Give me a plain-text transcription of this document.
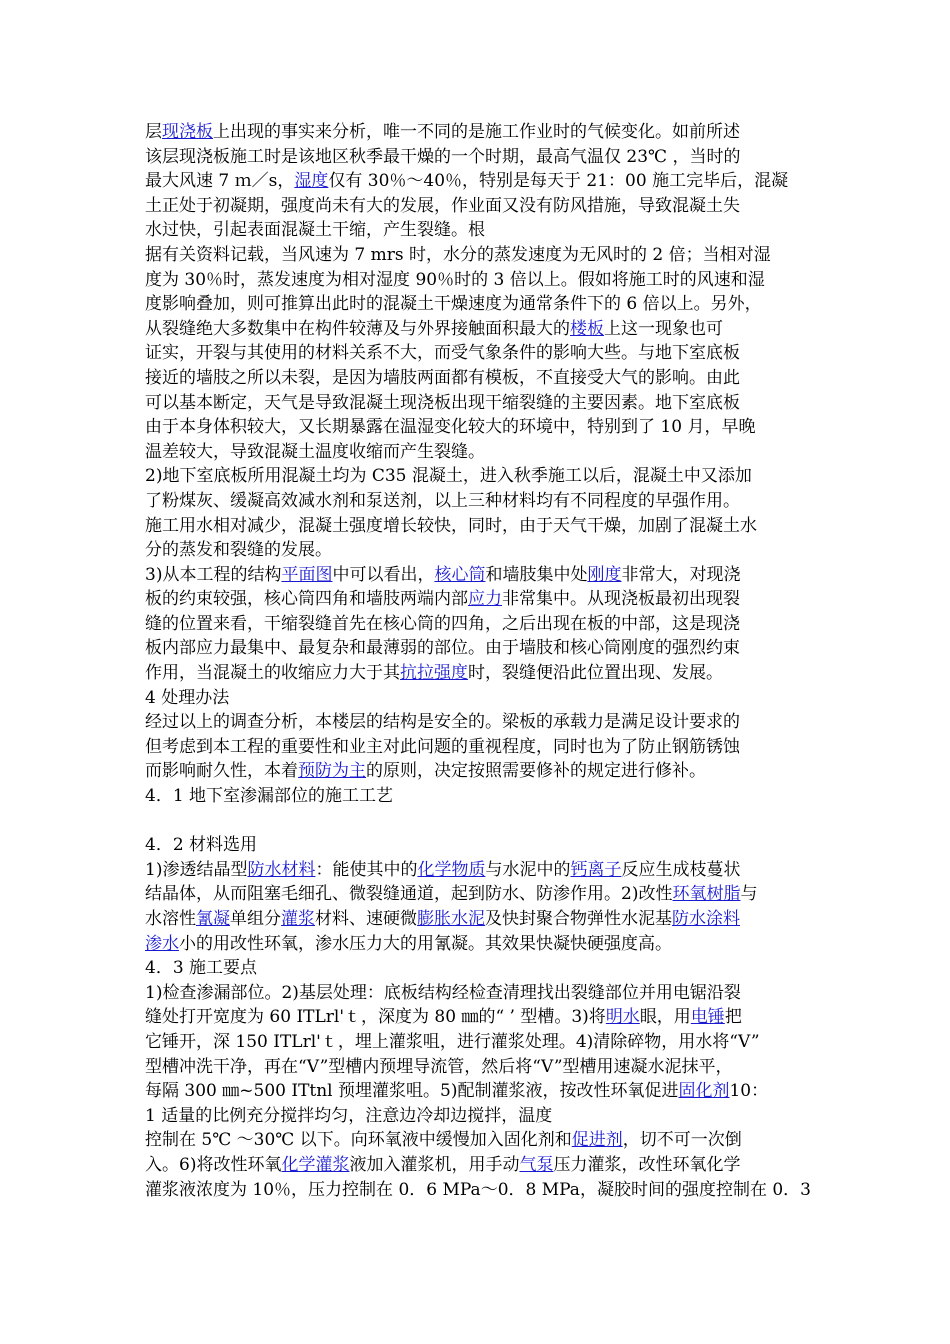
层现浇板上出现的事实来分析，唯一不同的是施工作业时的气候变化。如前所述
该层现浇板施工时是该地区秋季最干燥的一个时期，最高气温仅 23℃ ，当时的
最大风速 7 ｍ／s，湿度仅有 30％～40％，特别是每天于 21：00 施工完毕后，混凝
土正处于初凝期，强度尚未有大的发展，作业面又没有防风措施，导致混凝土失
水过快，引起表面混凝土干缩，产生裂缝。根
据有关资料记载，当风速为 7 mrs 时，水分的蒸发速度为无风时的 2 倍；当相对湿
度为 30％时，蒸发速度为相对湿度 90％时的 3 倍以上。假如将施工时的风速和湿
度影响叠加，则可推算出此时的混凝土干燥速度为通常条件下的 6 倍以上。另外，
从裂缝绝大多数集中在构件较薄及与外界接触面积最大的楼板上这一现象也可
证实，开裂与其使用的材料关系不大，而受气象条件的影响大些。与地下室底板
接近的墙肢之所以未裂，是因为墙肢两面都有模板，不直接受大气的影响。由此
可以基本断定，天气是导致混凝土现浇板出现干缩裂缝的主要因素。地下室底板
由于本身体积较大，又长期暴露在温湿变化较大的环境中，特别到了 10 月，早晚
温差较大，导致混凝土温度收缩而产生裂缝。
2)地下室底板所用混凝土均为 C35 混凝土，进入秋季施工以后，混凝土中又添加
了粉煤灰、缓凝高效减水剂和泵送剂，以上三种材料均有不同程度的早强作用。
施工用水相对减少，混凝土强度增长较快，同时，由于天气干燥，加剧了混凝土水
分的蒸发和裂缝的发展。
3)从本工程的结构平面图中可以看出，核心筒和墙肢集中处刚度非常大，对现浇
板的约束较强，核心筒四角和墙肢两端内部应力非常集中。从现浇板最初出现裂
缝的位置来看，干缩裂缝首先在核心筒的四角，之后出现在板的中部，这是现浇
板内部应力最集中、最复杂和最薄弱的部位。由于墙肢和核心筒刚度的强烈约束
作用，当混凝土的收缩应力大于其抗拉强度时，裂缝便沿此位置出现、发展。
4 处理办法
经过以上的调查分析，本楼层的结构是安全的。梁板的承载力是满足设计要求的
但考虑到本工程的重要性和业主对此问题的重视程度，同时也为了防止钢筋锈蚀
而影响耐久性，本着预防为主的原则，决定按照需要修补的规定进行修补。
4．1 地下室渗漏部位的施工工艺
4．2 材料选用
1)渗透结晶型防水材料：能使其中的化学物质与水泥中的钙离子反应生成枝蔓状
结晶体，从而阻塞毛细孔、微裂缝通道，起到防水、防渗作用。2)改性环氧树脂与
水溶性氰凝单组分灌浆材料、速硬微膨胀水泥及快封聚合物弹性水泥基防水涂料
渗水小的用改性环氧，渗水压力大的用氰凝。其效果快凝快硬强度高。
4．3 施工要点
1)检查渗漏部位。2)基层处理：底板结构经检查清理找出裂缝部位并用电锯沿裂
缝处打开宽度为 60 ITLrl'ｔ，深度为 80 ㎜的“ ’ 型槽。3)将明水眼，用电锤把
它锤开，深 150 ITLrl'ｔ，埋上灌浆咀，进行灌浆处理。4)清除碎物，用水将“V”
型槽冲洗干净，再在“V”型槽内预埋导流管，然后将“V”型槽用速凝水泥抹平，
每隔 300 ㎜~500 ITtnl 预埋灌浆咀。5)配制灌浆液，按改性环氧促进固化剂10：
1 适量的比例充分搅拌均匀，注意边冷却边搅拌，温度
控制在 5℃ ～30℃ 以下。向环氧液中缓慢加入固化剂和促进剂，切不可一次倒
入。6)将改性环氧化学灌浆液加入灌浆机，用手动气泵压力灌浆，改性环氧化学
灌浆液浓度为 10％，压力控制在 0．6 MPa～0．8 MPa，凝胶时间的强度控制在 0．3
